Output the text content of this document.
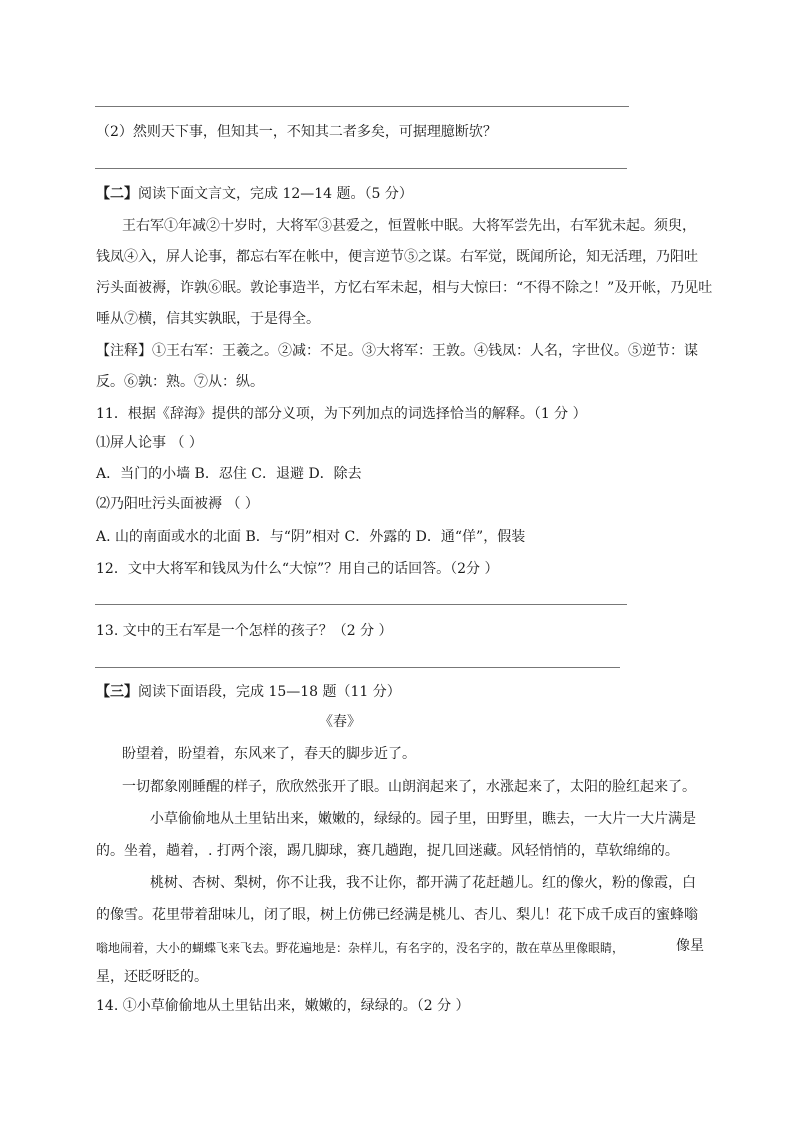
（2）然则天下事，但知其一，不知其二者多矣，可据理臆断欤？
【二】阅读下面文言文，完成 12—14 题。（5 分）
王右军①年减②十岁时，大将军③甚爱之，恒置帐中眠。大将军尝先出，右军犹未起。须臾，
钱凤④入，屏人论事，都忘右军在帐中，便言逆节⑤之谋。右军觉，既闻所论，知无活理，乃阳吐
污头面被褥，诈孰⑥眠。敦论事造半，方忆右军未起，相与大惊曰：“不得不除之！”及开帐，乃见吐
唾从⑦横，信其实孰眠，于是得全。
【注释】①王右军：王羲之。②减：不足。③大将军：王敦。④钱凤：人名，字世仪。⑤逆节：谋
反。⑥孰：熟。⑦从：纵。
11．根据《辞海》提供的部分义项，为下列加点的词选择恰当的解释。（1 分 ）
⑴屏人论事 （ ）
A．当门的小墙 B．忍住 C．退避 D．除去
⑵乃阳吐污头面被褥 （ ）
A. 山的南面或水的北面 B．与“阴”相对 C．外露的 D．通“佯”，假装
12．文中大将军和钱凤为什么“大惊”？用自己的话回答。（2分 ）
13. 文中的王右军是一个怎样的孩子？（2 分 ）
【三】阅读下面语段，完成 15—18 题（11 分）
《春》
盼望着，盼望着，东风来了，春天的脚步近了。
一切都象刚睡醒的样子，欣欣然张开了眼。山朗润起来了，水涨起来了，太阳的脸红起来了。
小草偷偷地从土里钻出来，嫩嫩的，绿绿的。园子里，田野里，瞧去，一大片一大片满是
的。坐着，趟着，. 打两个滚，踢几脚球，赛几趟跑，捉几回迷藏。风轻悄悄的，草软绵绵的。
桃树、杏树、梨树，你不让我，我不让你，都开满了花赶趟儿。红的像火，粉的像霞，白
的像雪。花里带着甜味儿，闭了眼，树上仿佛已经满是桃儿、杏儿、梨儿！花下成千成百的蜜蜂嗡
嗡地闹着，大小的蝴蝶飞来飞去。野花遍地是：杂样儿，有名字的，没名字的，散在草丛里像眼睛，	像星
星，还眨呀眨的。
14. ①小草偷偷地从土里钻出来，嫩嫩的，绿绿的。（2 分 ）
